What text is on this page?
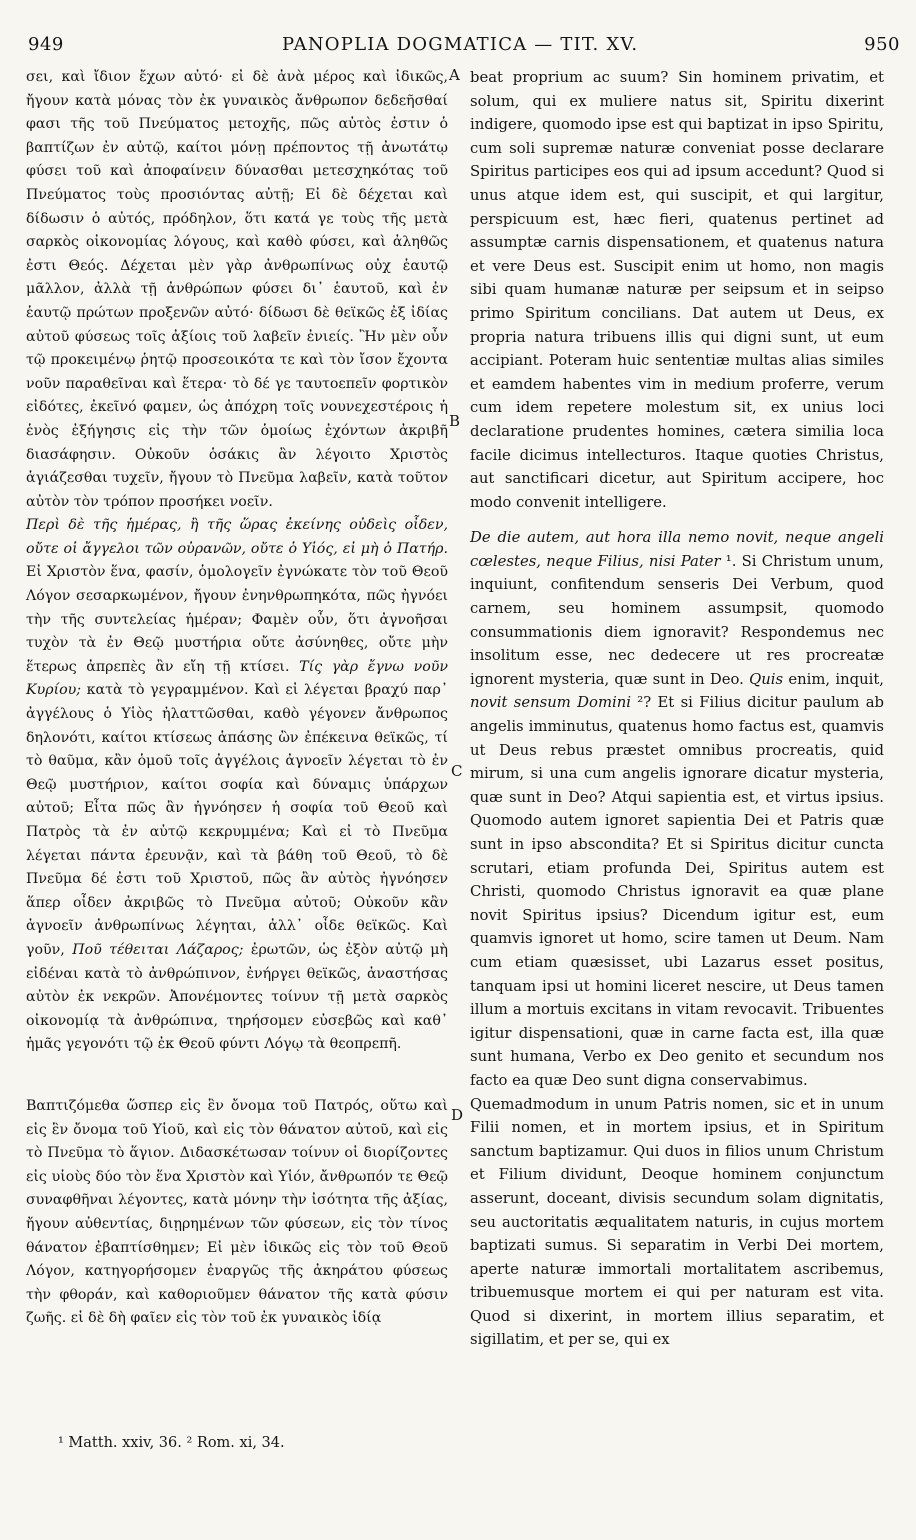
949	PANOPLIA DOGMATICA — TIT. XV.	950

σει, καὶ ἴδιον ἔχων αὐτό· εἰ δὲ ἀνὰ μέρος καὶ ἰδικῶς, ἤγουν κατὰ μόνας τὸν ἐκ γυναικὸς ἄνθρωπον δεδεῆσθαί φασι τῆς τοῦ Πνεύματος μετοχῆς, πῶς αὐτὸς ἐστιν ὁ βαπτίζων ἐν αὐτῷ, καίτοι μόνῃ πρέποντος τῇ ἀνωτάτῳ φύσει τοῦ καὶ ἀποφαίνειν δύνασθαι μετεσχηκότας τοῦ Πνεύματος τοὺς προσιόντας αὐτῇ; Εἰ δὲ δέχεται καὶ δίδωσιν ὁ αὐτός, πρόδηλον, ὅτι κατά γε τοὺς τῆς μετὰ σαρκὸς οἰκονομίας λόγους, καὶ καθὸ φύσει, καὶ ἀληθῶς ἐστι Θεός. Δέχεται μὲν γὰρ ἀνθρωπίνως οὐχ ἑαυτῷ μᾶλλον, ἀλλὰ τῇ ἀνθρώπων φύσει δι᾽ ἑαυτοῦ, καὶ ἐν ἑαυτῷ πρώτων προξενῶν αὐτό· δίδωσι δὲ θεϊκῶς ἐξ ἰδίας αὐτοῦ φύσεως τοῖς ἀξίοις τοῦ λαβεῖν ἐνιείς. Ἢν μὲν οὖν τῷ προκειμένῳ ῥητῷ προσεοικότα τε καὶ τὸν ἴσον ἔχοντα νοῦν παραθεῖναι καὶ ἕτερα· τὸ δέ γε ταυτοεπεῖν φορτικὸν εἰδότες, ἐκεῖνό φαμεν, ὡς ἀπόχρη τοῖς νουνεχεστέροις ἡ ἑνὸς ἐξήγησις εἰς τὴν τῶν ὁμοίως ἐχόντων ἀκριβῆ διασάφησιν. Οὐκοῦν ὁσάκις ἂν λέγοιτο Χριστὸς ἁγιάζεσθαι τυχεῖν, ἤγουν τὸ Πνεῦμα λαβεῖν, κατὰ τοῦτον αὐτὸν τὸν τρόπον προσήκει νοεῖν.

Περὶ δὲ τῆς ἡμέρας, ἢ τῆς ὥρας ἐκείνης οὐδεὶς οἶδεν, οὔτε οἱ ἄγγελοι τῶν οὐρανῶν, οὔτε ὁ Υἱός, εἰ μὴ ὁ Πατήρ. Εἰ Χριστὸν ἕνα, φασίν, ὁμολογεῖν ἐγνώκατε τὸν τοῦ Θεοῦ Λόγον σεσαρκωμένον, ἤγουν ἐνηνθρωπηκότα, πῶς ἠγνόει τὴν τῆς συντελείας ἡμέραν; Φαμὲν οὖν, ὅτι ἀγνοῆσαι τυχὸν τὰ ἐν Θεῷ μυστήρια οὔτε ἀσύνηθες, οὔτε μὴν ἕτερως ἀπρεπὲς ἂν εἴη τῇ κτίσει. Τίς γὰρ ἔγνω νοῦν Κυρίου; κατὰ τὸ γεγραμμένον. Καὶ εἰ λέγεται βραχύ παρ᾽ ἀγγέλους ὁ Υἱὸς ἠλαττῶσθαι, καθὸ γέγονεν ἄνθρωπος δηλονότι, καίτοι κτίσεως ἁπάσης ὢν ἐπέκεινα θεϊκῶς, τί τὸ θαῦμα, κἂν ὁμοῦ τοῖς ἀγγέλοις ἀγνοεῖν λέγεται τὸ ἐν Θεῷ μυστήριον, καίτοι σοφία καὶ δύναμις ὑπάρχων αὐτοῦ; Εἶτα πῶς ἂν ἠγνόησεν ἡ σοφία τοῦ Θεοῦ καὶ Πατρὸς τὰ ἐν αὐτῷ κεκρυμμένα; Καὶ εἰ τὸ Πνεῦμα λέγεται πάντα ἐρευνᾷν, καὶ τὰ βάθη τοῦ Θεοῦ, τὸ δὲ Πνεῦμα δέ ἐστι τοῦ Χριστοῦ, πῶς ἂν αὐτὸς ἠγνόησεν ἅπερ οἶδεν ἀκριβῶς τὸ Πνεῦμα αὐτοῦ; Οὐκοῦν κἂν ἀγνοεῖν ἀνθρωπίνως λέγηται, ἀλλ᾽ οἶδε θεϊκῶς. Καὶ γοῦν, Ποῦ τέθειται Λάζαρος; ἐρωτῶν, ὡς ἐξὸν αὐτῷ μὴ εἰδέναι κατὰ τὸ ἀνθρώπινον, ἐνήργει θεϊκῶς, ἀναστήσας αὐτὸν ἐκ νεκρῶν. Ἀπονέμοντες τοίνυν τῇ μετὰ σαρκὸς οἰκονομίᾳ τὰ ἀνθρώπινα, τηρήσομεν εὐσεβῶς καὶ καθ᾽ ἡμᾶς γεγονότι τῷ ἐκ Θεοῦ φύντι Λόγῳ τὰ θεοπρεπῆ.

Βαπτιζόμεθα ὥσπερ εἰς ἓν ὄνομα τοῦ Πατρός, οὕτω καὶ εἰς ἓν ὄνομα τοῦ Υἱοῦ, καὶ εἰς τὸν θάνατον αὐτοῦ, καὶ εἰς τὸ Πνεῦμα τὸ ἅγιον. Διδασκέτωσαν τοίνυν οἱ διορίζοντες εἰς υἱοὺς δύο τὸν ἕνα Χριστὸν καὶ Υἱόν, ἄνθρωπόν τε Θεῷ συναφθῆναι λέγοντες, κατὰ μόνην τὴν ἰσότητα τῆς ἀξίας, ἤγουν αὐθεντίας, διῃρημένων τῶν φύσεων, εἰς τὸν τίνος θάνατον ἐβαπτίσθημεν; Εἰ μὲν ἰδικῶς εἰς τὸν τοῦ Θεοῦ Λόγον, κατηγορήσομεν ἐναργῶς τῆς ἀκηράτου φύσεως τὴν φθοράν, καὶ καθοριοῦμεν θάνατον τῆς κατὰ φύσιν ζωῆς. εἰ δὲ δὴ φαῖεν εἰς τὸν τοῦ ἐκ γυναικὸς ἰδίᾳ

A
B
C
D

beat proprium ac suum? Sin hominem privatim, et solum, qui ex muliere natus sit, Spiritu dixerint indigere, quomodo ipse est qui baptizat in ipso Spiritu, cum soli supremæ naturæ conveniat posse declarare Spiritus participes eos qui ad ipsum accedunt? Quod si unus atque idem est, qui suscipit, et qui largitur, perspicuum est, hæc fieri, quatenus pertinet ad assumptæ carnis dispensationem, et quatenus natura et vere Deus est. Suscipit enim ut homo, non magis sibi quam humanæ naturæ per seipsum et in seipso primo Spiritum concilians. Dat autem ut Deus, ex propria natura tribuens illis qui digni sunt, ut eum accipiant. Poteram huic sententiæ multas alias similes et eamdem habentes vim in medium proferre, verum cum idem repetere molestum sit, ex unius loci declaratione prudentes homines, cætera similia loca facile dicimus intellecturos. Itaque quoties Christus, aut sanctificari dicetur, aut Spiritum accipere, hoc modo convenit intelligere.

De die autem, aut hora illa nemo novit, neque angeli cœlestes, neque Filius, nisi Pater ¹. Si Christum unum, inquiunt, confitendum senseris Dei Verbum, quod carnem, seu hominem assumpsit, quomodo consummationis diem ignoravit? Respondemus nec insolitum esse, nec dedecere ut res procreatæ ignorent mysteria, quæ sunt in Deo. Quis enim, inquit, novit sensum Domini ²? Et si Filius dicitur paulum ab angelis imminutus, quatenus homo factus est, quamvis ut Deus rebus præstet omnibus procreatis, quid mirum, si una cum angelis ignorare dicatur mysteria, quæ sunt in Deo? Atqui sapientia est, et virtus ipsius. Quomodo autem ignoret sapientia Dei et Patris quæ sunt in ipso abscondita? Et si Spiritus dicitur cuncta scrutari, etiam profunda Dei, Spiritus autem est Christi, quomodo Christus ignoravit ea quæ plane novit Spiritus ipsius? Dicendum igitur est, eum quamvis ignoret ut homo, scire tamen ut Deum. Nam cum etiam quæsisset, ubi Lazarus esset positus, tanquam ipsi ut homini liceret nescire, ut Deus tamen illum a mortuis excitans in vitam revocavit. Tribuentes igitur dispensationi, quæ in carne facta est, illa quæ sunt humana, Verbo ex Deo genito et secundum nos facto ea quæ Deo sunt digna conservabimus.

Quemadmodum in unum Patris nomen, sic et in unum Filii nomen, et in mortem ipsius, et in Spiritum sanctum baptizamur. Qui duos in filios unum Christum et Filium dividunt, Deoque hominem conjunctum asserunt, doceant, divisis secundum solam dignitatis, seu auctoritatis æqualitatem naturis, in cujus mortem baptizati sumus. Si separatim in Verbi Dei mortem, aperte naturæ immortali mortalitatem ascribemus, tribuemusque mortem ei qui per naturam est vita. Quod si dixerint, in mortem illius separatim, et sigillatim, et per se, qui ex

¹ Matth. xxiv, 36. ² Rom. xi, 34.
